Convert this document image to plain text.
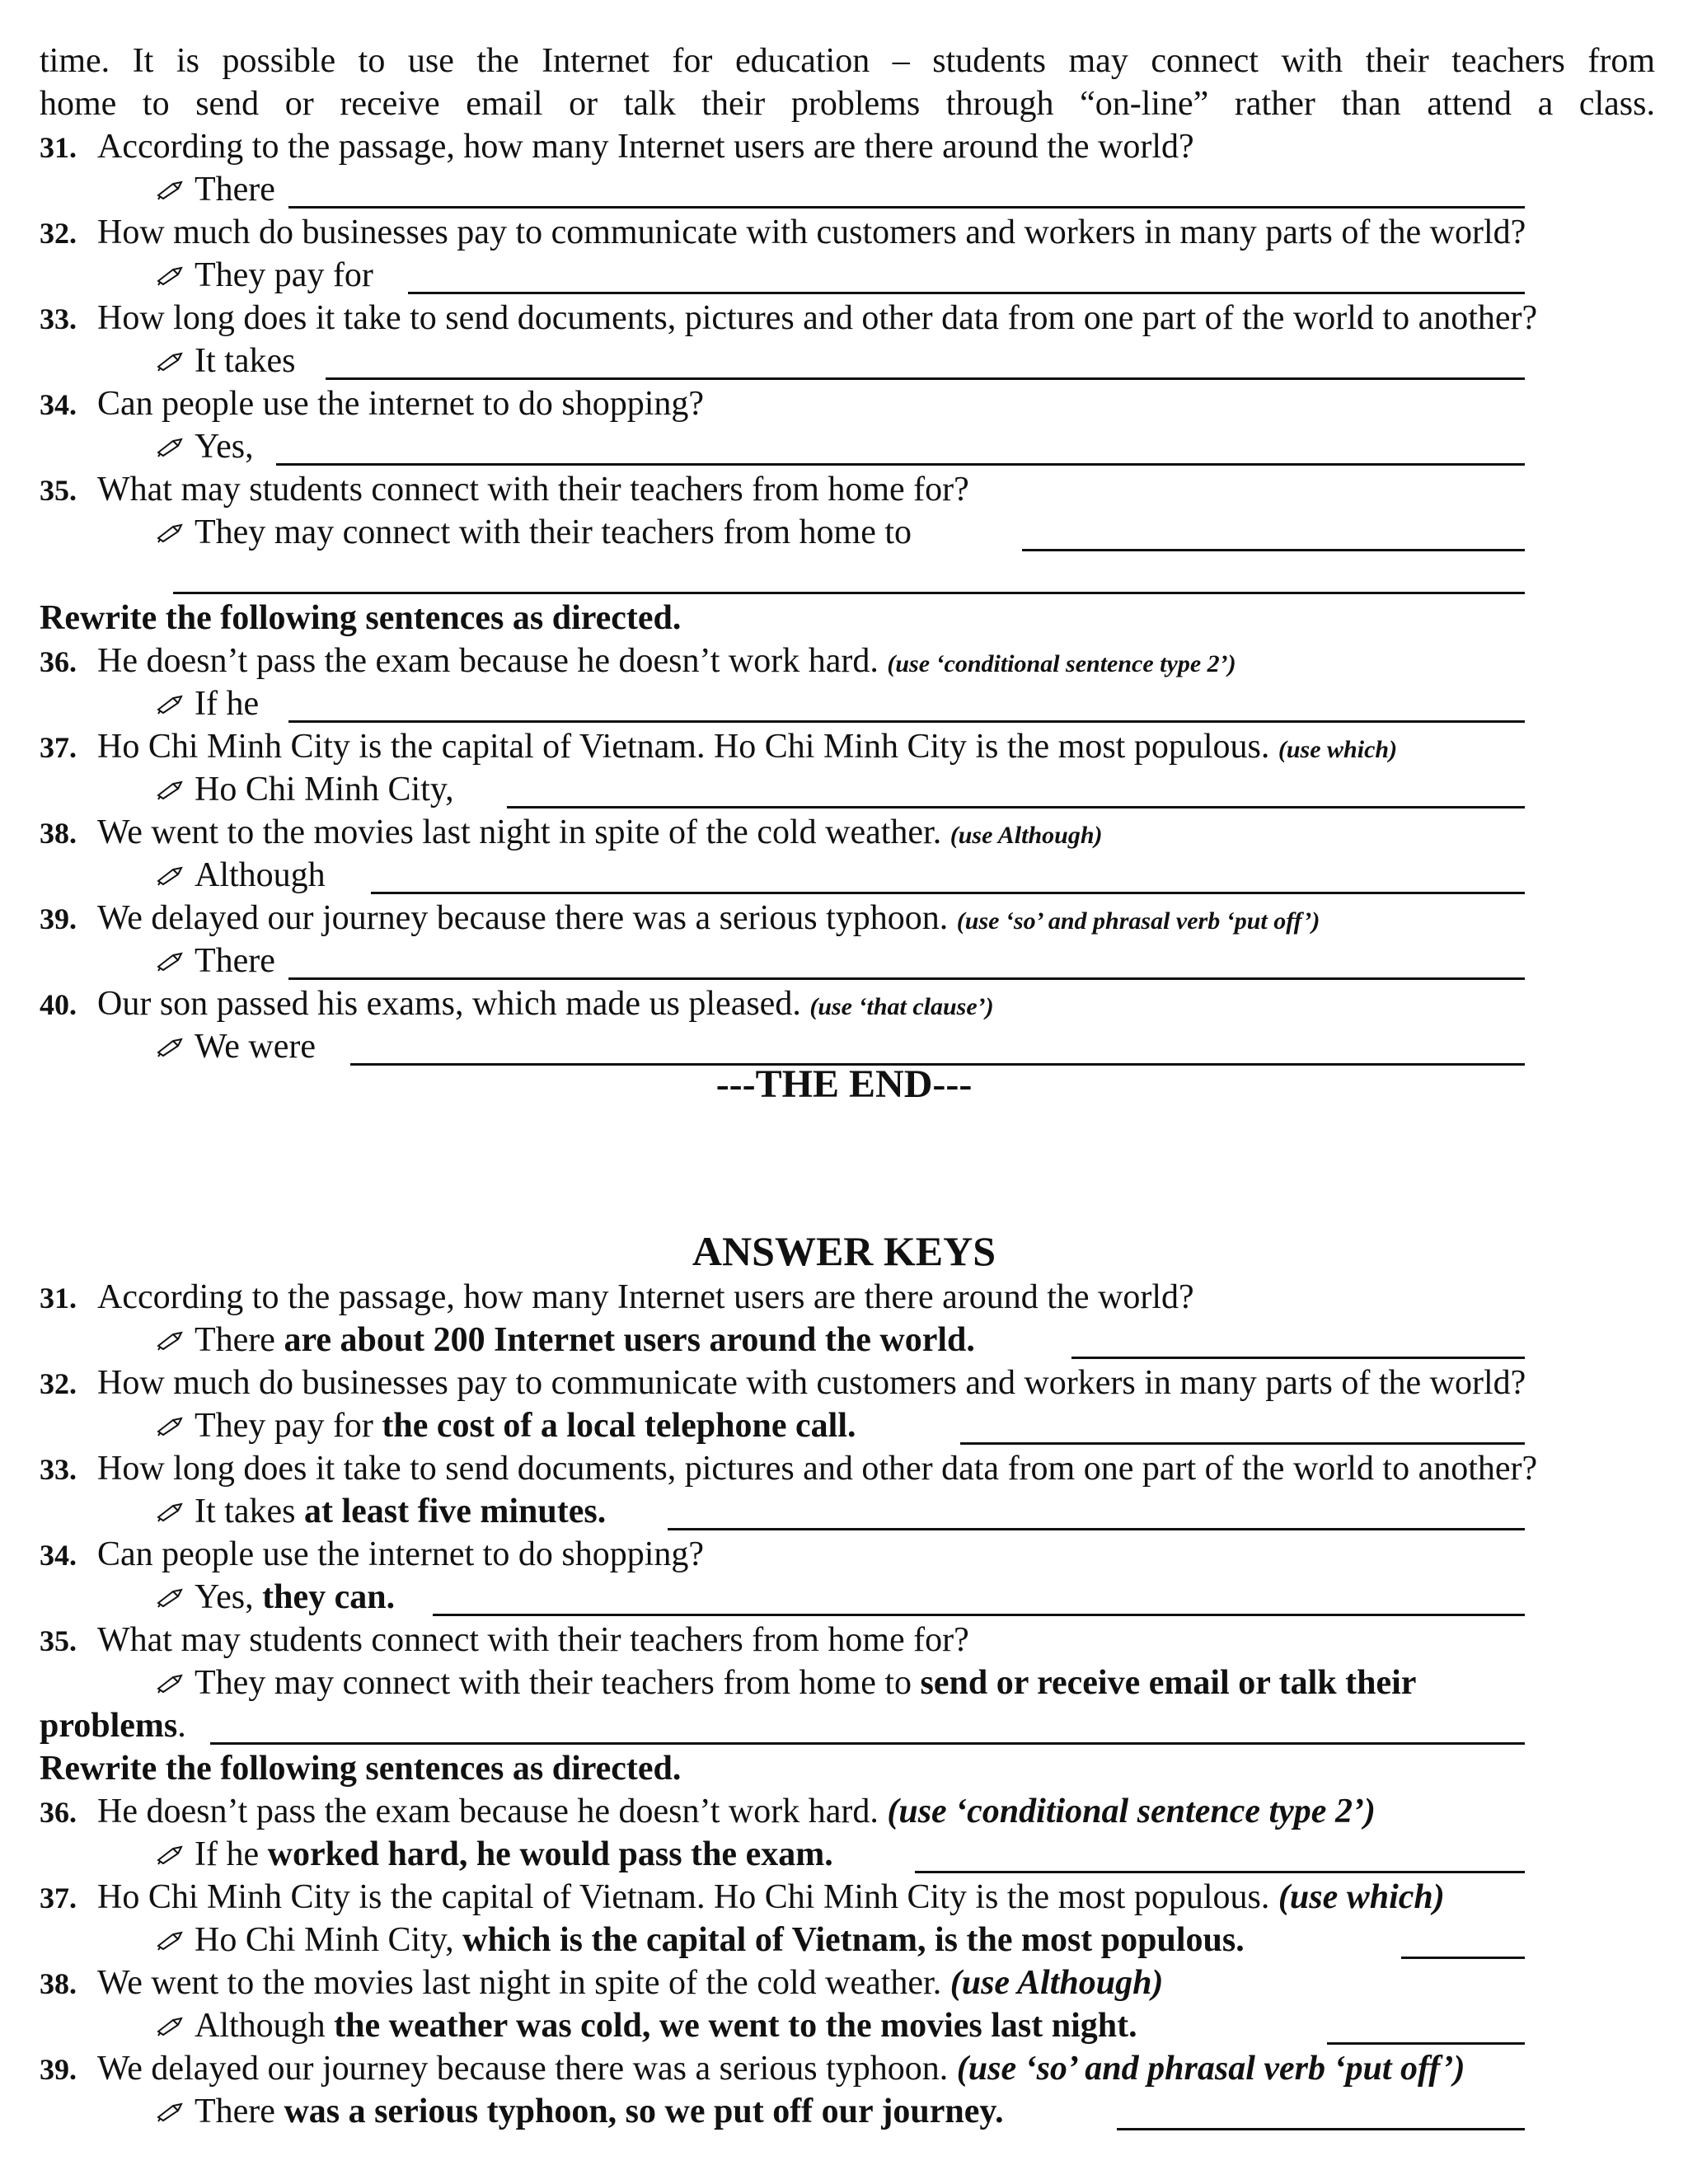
time. It is possible to use the Internet for education – students may connect with their teachers from
home to send or receive email or talk their problems through “on-line” rather than attend a class.
31. According to the passage, how many Internet users are there around the world?
There
32. How much do businesses pay to communicate with customers and workers in many parts of the world?
They pay for
33. How long does it take to send documents, pictures and other data from one part of the world to another?
It takes
34. Can people use the internet to do shopping?
Yes,
35. What may students connect with their teachers from home for?
They may connect with their teachers from home to
Rewrite the following sentences as directed.
36. He doesn’t pass the exam because he doesn’t work hard. (use ‘conditional sentence type 2’)
If he
37. Ho Chi Minh City is the capital of Vietnam. Ho Chi Minh City is the most populous. (use which)
Ho Chi Minh City,
38. We went to the movies last night in spite of the cold weather. (use Although)
Although
39. We delayed our journey because there was a serious typhoon. (use ‘so’ and phrasal verb ‘put off’)
There
40. Our son passed his exams, which made us pleased. (use ‘that clause’)
We were
---THE END---
ANSWER KEYS
31. According to the passage, how many Internet users are there around the world?
There
are about 200 Internet users around the world.
32. How much do businesses pay to communicate with customers and workers in many parts of the world?
They pay for
the cost of a local telephone call.
33. How long does it take to send documents, pictures and other data from one part of the world to another?
It takes
at least five minutes.
34. Can people use the internet to do shopping?
Yes,
they can.
35. What may students connect with their teachers from home for?
They may connect with their teachers from home to
send or receive email or talk their
problems.
Rewrite the following sentences as directed.
36. He doesn’t pass the exam because he doesn’t work hard. (use ‘conditional sentence type 2’)
If he
worked hard, he would pass the exam.
37. Ho Chi Minh City is the capital of Vietnam. Ho Chi Minh City is the most populous. (use which)
Ho Chi Minh City,
which is the capital of Vietnam, is the most populous.
38. We went to the movies last night in spite of the cold weather. (use Although)
Although
the weather was cold, we went to the movies last night.
39. We delayed our journey because there was a serious typhoon. (use ‘so’ and phrasal verb ‘put off’)
There
was a serious typhoon, so we put off our journey.
